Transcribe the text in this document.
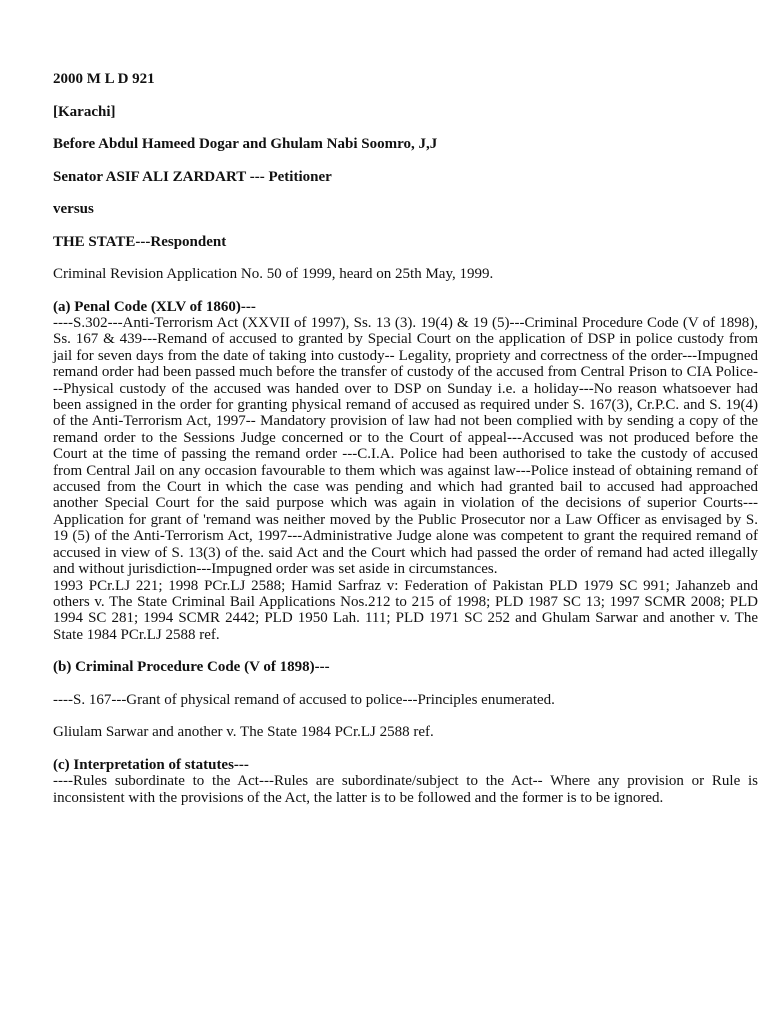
2000 M L D 921

[Karachi]

Before Abdul Hameed Dogar and Ghulam Nabi Soomro, J,J

Senator ASIF ALI ZARDART --- Petitioner

versus

THE STATE---Respondent

Criminal Revision Application No. 50 of 1999, heard on 25th May, 1999.

(a) Penal Code (XLV of 1860)---

----S.302---Anti-Terrorism Act (XXVII of 1997), Ss. 13 (3). 19(4) & 19 (5)---Criminal Procedure Code (V of 1898), Ss. 167 & 439---Remand of accused to granted by Special Court on the application of DSP in police custody from jail for seven days from the date of taking into custody-- Legality, propriety and correctness of the order---Impugned remand order had been passed much before the transfer of custody of the accused from Central Prison to CIA Police---Physical custody of the accused was handed over to DSP on Sunday i.e. a holiday---No reason whatsoever had been assigned in the order for granting physical remand of accused as required under S. 167(3), Cr.P.C. and S. 19(4) of the Anti-Terrorism Act, 1997-- Mandatory provision of law had not been complied with by sending a copy of the remand order to the Sessions Judge concerned or to the Court of appeal---Accused was not produced before the Court at the time of passing the remand order ---C.I.A. Police had been authorised to take the custody of accused from Central Jail on any occasion favourable to them which was against law---Police instead of obtaining remand of accused from the Court in which the case was pending and which had granted bail to accused had approached another Special Court for the said purpose which was again in violation of the decisions of superior Courts---Application for grant of 'remand was neither moved by the Public Prosecutor nor a Law Officer as envisaged by S. 19 (5) of the Anti-Terrorism Act, 1997---Administrative Judge alone was competent to grant the required remand of accused in view of S. 13(3) of the. said Act and the Court which had passed the order of remand had acted illegally and without jurisdiction---Impugned order was set aside in circumstances.

1993 PCr.LJ 221; 1998 PCr.LJ 2588; Hamid Sarfraz v: Federation of Pakistan PLD 1979 SC 991; Jahanzeb and others v. The State Criminal Bail Applications Nos.212 to 215 of 1998; PLD 1987 SC 13; 1997 SCMR 2008; PLD 1994 SC 281; 1994 SCMR 2442; PLD 1950 Lah. 111; PLD 1971 SC 252 and Ghulam Sarwar and another v. The State 1984 PCr.LJ 2588 ref.

(b) Criminal Procedure Code (V of 1898)---

----S. 167---Grant of physical remand of accused to police---Principles enumerated.

Gliulam Sarwar and another v. The State 1984 PCr.LJ 2588 ref.

(c) Interpretation of statutes---

----Rules subordinate to the Act---Rules are subordinate/subject to the Act-- Where any provision or Rule is inconsistent with the provisions of the Act, the latter is to be followed and the former is to be ignored.
